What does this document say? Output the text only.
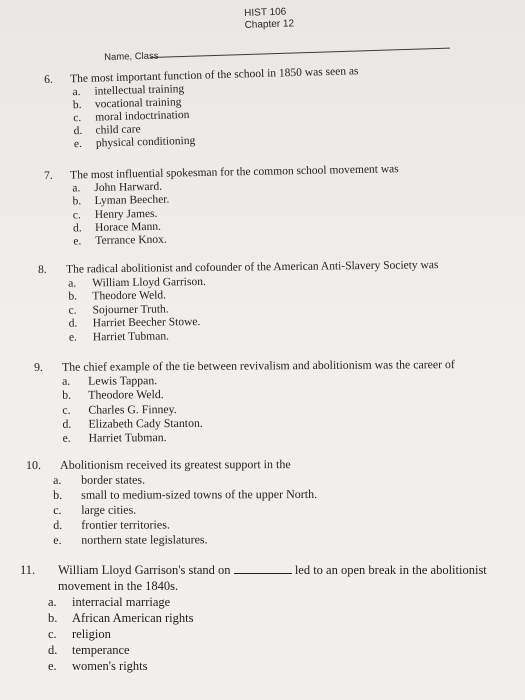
HIST 106
Chapter 12
Name, Class
6. The most important function of the school in 1850 was seen as
a. intellectual training
b. vocational training
c. moral indoctrination
d. child care
e. physical conditioning
7. The most influential spokesman for the common school movement was
a. John Harward.
b. Lyman Beecher.
c. Henry James.
d. Horace Mann.
e. Terrance Knox.
8. The radical abolitionist and cofounder of the American Anti-Slavery Society was
a. William Lloyd Garrison.
b. Theodore Weld.
c. Sojourner Truth.
d. Harriet Beecher Stowe.
e. Harriet Tubman.
9. The chief example of the tie between revivalism and abolitionism was the career of
a. Lewis Tappan.
b. Theodore Weld.
c. Charles G. Finney.
d. Elizabeth Cady Stanton.
e. Harriet Tubman.
10. Abolitionism received its greatest support in the
a. border states.
b. small to medium-sized towns of the upper North.
c. large cities.
d. frontier territories.
e. northern state legislatures.
11. William Lloyd Garrison's stand on	led to an open break in the abolitionist
movement in the 1840s.
a. interracial marriage
b. African American rights
c. religion
d. temperance
e. women's rights
